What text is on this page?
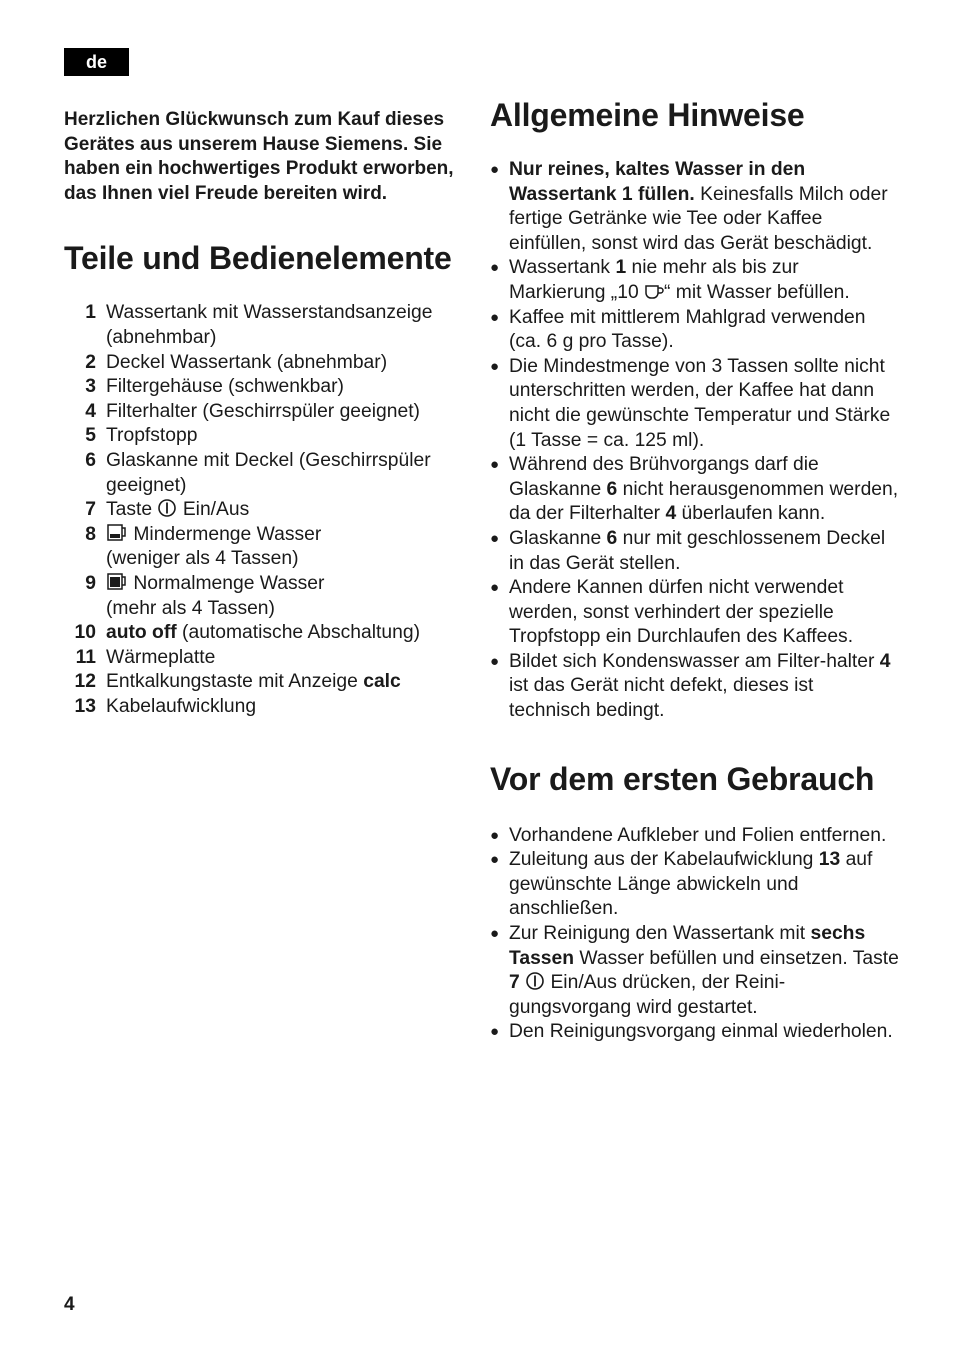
de

Herzlichen Glückwunsch zum Kauf dieses Gerätes aus unserem Hause Siemens. Sie haben ein hochwertiges Produkt erworben, das Ihnen viel Freude bereiten wird.

Teile und Bedienelemente
1 Wassertank mit Wasserstandsanzeige (abnehmbar)
2 Deckel Wassertank (abnehmbar)
3 Filtergehäuse (schwenkbar)
4 Filterhalter (Geschirrspüler geeignet)
5 Tropfstopp
6 Glaskanne mit Deckel (Geschirrspüler geeignet)
7 Taste Ein/Aus
8	Mindermenge Wasser
(weniger als 4 Tassen)
9	Normalmenge Wasser
(mehr als 4 Tassen)
10 auto off (automatische Abschaltung)
11 Wärmeplatte
12 Entkalkungstaste mit Anzeige calc
13 Kabelaufwicklung
Allgemeine Hinweise
● Nur reines, kaltes Wasser in den Wassertank 1 füllen. Keinesfalls Milch oder fertige Getränke wie Tee oder Kaffee einfüllen, sonst wird das Gerät beschädigt.
● Wassertank 1 nie mehr als bis zur Markierung „10 “ mit Wasser befüllen.
● Kaffee mit mittlerem Mahlgrad verwenden (ca. 6 g pro Tasse).
● Die Mindestmenge von 3 Tassen sollte nicht unterschritten werden, der Kaffee hat dann nicht die gewünschte Temperatur und Stärke (1 Tasse = ca. 125 ml).
● Während des Brühvorgangs darf die Glaskanne 6 nicht herausgenommen werden, da der Filterhalter 4 überlaufen kann.
● Glaskanne 6 nur mit geschlossenem Deckel in das Gerät stellen.
● Andere Kannen dürfen nicht verwendet werden, sonst verhindert der spezielle Tropfstopp ein Durchlaufen des Kaffees.
● Bildet sich Kondenswasser am Filter-halter 4 ist das Gerät nicht defekt, dieses ist technisch bedingt.
Vor dem ersten Gebrauch
● Vorhandene Aufkleber und Folien entfernen.
● Zuleitung aus der Kabelaufwicklung 13 auf gewünschte Länge abwickeln und anschließen.
● Zur Reinigung den Wassertank mit sechs Tassen Wasser befüllen und einsetzen. Taste 7  Ein/Aus drücken, der Reini-gungsvorgang wird gestartet.
● Den Reinigungsvorgang einmal wiederholen.
4
